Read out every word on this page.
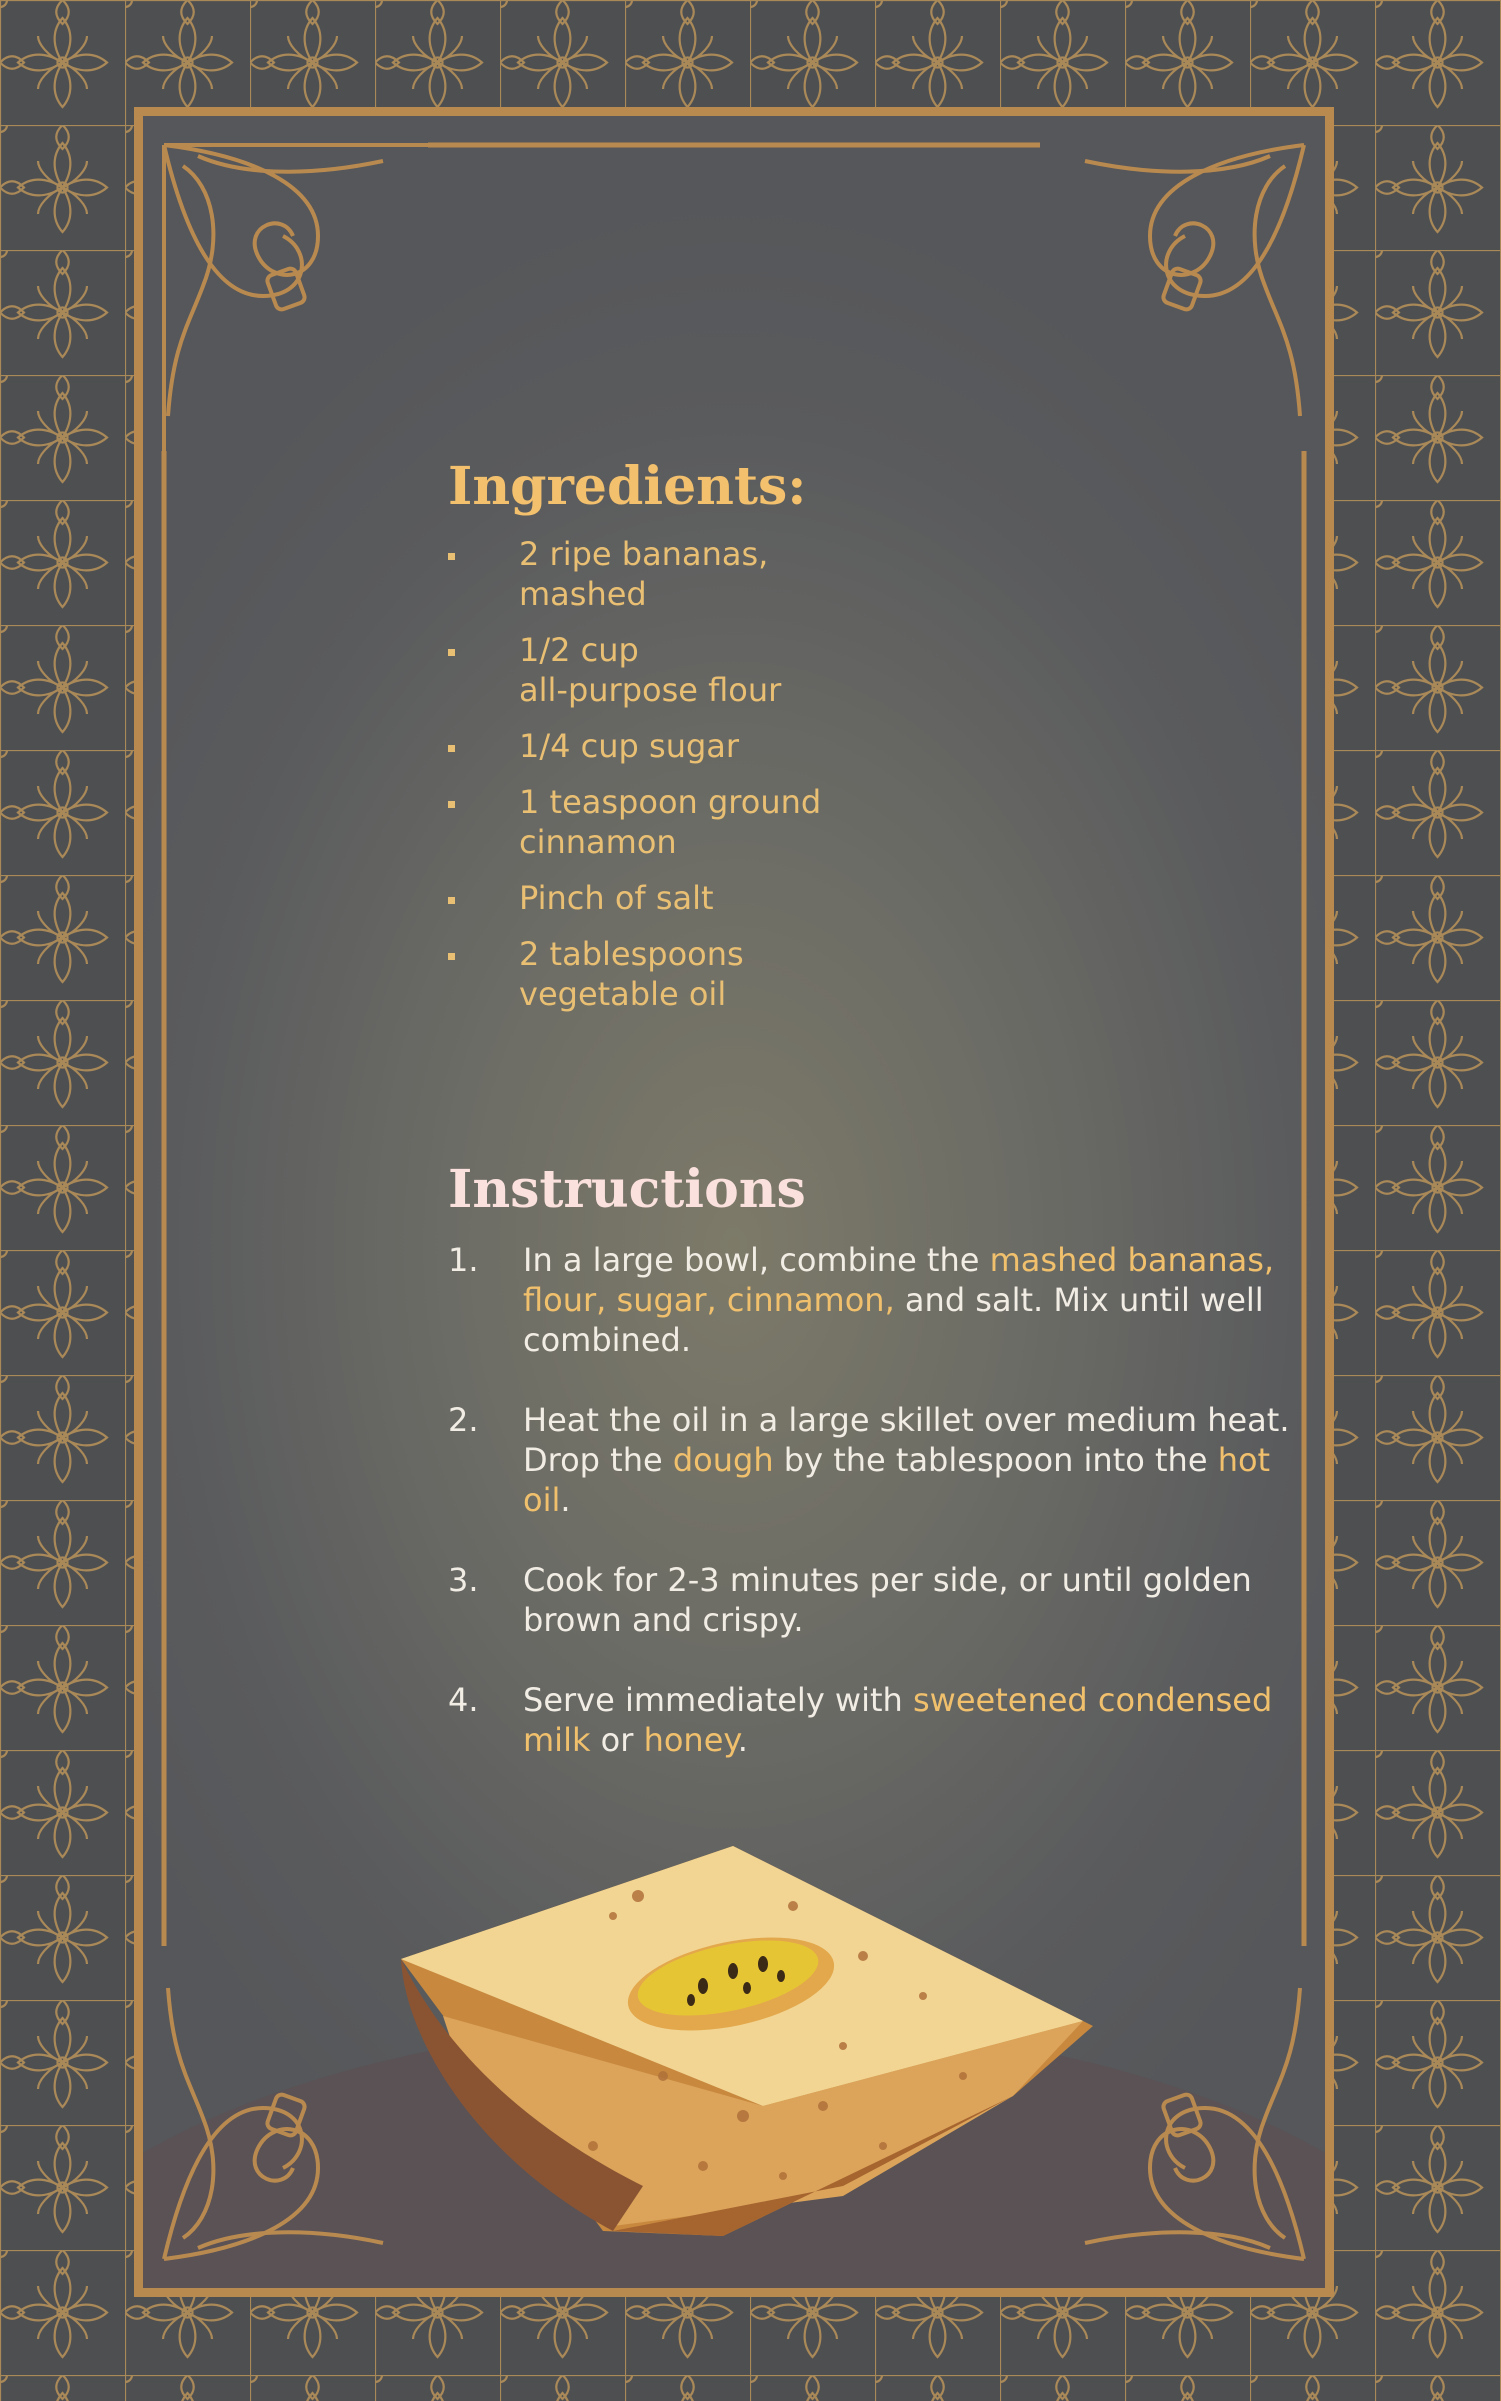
Ingredients:
2 ripe bananas,
mashed
1/2 cup
all-purpose flour
1/4 cup sugar
1 teaspoon ground
cinnamon
Pinch of salt
2 tablespoons
vegetable oil
Instructions
1. In a large bowl, combine the mashed bananas, flour, sugar, cinnamon, and salt. Mix until well combined.
2. Heat the oil in a large skillet over medium heat. Drop the dough by the tablespoon into the hot oil.
3. Cook for 2-3 minutes per side, or until golden brown and crispy.
4. Serve immediately with sweetened condensed milk or honey.
